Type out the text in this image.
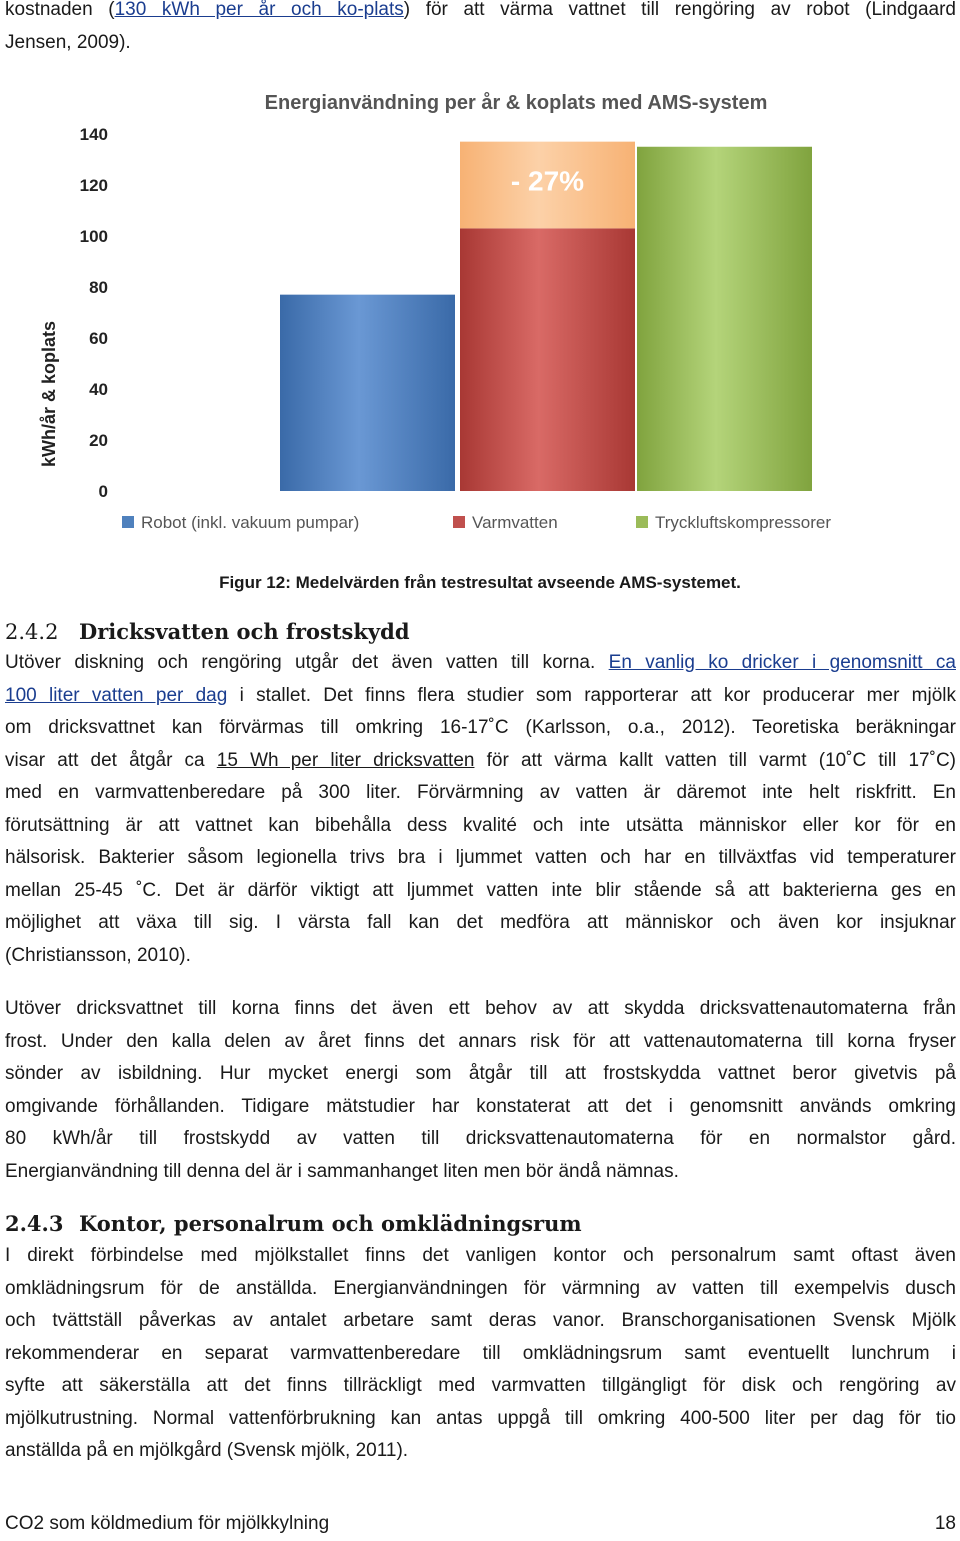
kostnaden (130 kWh per år och ko-plats) för att värma vattnet till rengöring av robot (Lindgaard
Jensen, 2009).
Energianvändning per år & koplats med AMS-system
kWh/år & koplats
0
20
40
60
80
100
120
140
- 27%
Robot (inkl. vakuum pumpar)	Varmvatten	Tryckluftskompressorer
Figur 12: Medelvärden från testresultat avseende AMS-systemet.
2.4.2 Dricksvatten och frostskydd
Utöver diskning och rengöring utgår det även vatten till korna. En vanlig ko dricker i genomsnitt ca
100 liter vatten per dag i stallet. Det finns flera studier som rapporterar att kor producerar mer mjölk
om dricksvattnet kan förvärmas till omkring 16-17˚C (Karlsson, o.a., 2012). Teoretiska beräkningar
visar att det åtgår ca 15 Wh per liter dricksvatten för att värma kallt vatten till varmt (10˚C till 17˚C)
med en varmvattenberedare på 300 liter. Förvärmning av vatten är däremot inte helt riskfritt. En
förutsättning är att vattnet kan bibehålla dess kvalité och inte utsätta människor eller kor för en
hälsorisk. Bakterier såsom legionella trivs bra i ljummet vatten och har en tillväxtfas vid temperaturer
mellan 25-45 ˚C. Det är därför viktigt att ljummet vatten inte blir stående så att bakterierna ges en
möjlighet att växa till sig. I värsta fall kan det medföra att människor och även kor insjuknar
(Christiansson, 2010).
Utöver dricksvattnet till korna finns det även ett behov av att skydda dricksvattenautomaterna från
frost. Under den kalla delen av året finns det annars risk för att vattenautomaterna till korna fryser
sönder av isbildning. Hur mycket energi som åtgår till att frostskydda vattnet beror givetvis på
omgivande förhållanden. Tidigare mätstudier har konstaterat att det i genomsnitt används omkring
80 kWh/år till frostskydd av vatten till dricksvattenautomaterna för en normalstor gård.
Energianvändning till denna del är i sammanhanget liten men bör ändå nämnas.
2.4.3 Kontor, personalrum och omklädningsrum
I direkt förbindelse med mjölkstallet finns det vanligen kontor och personalrum samt oftast även
omklädningsrum för de anställda. Energianvändningen för värmning av vatten till exempelvis dusch
och tvättställ påverkas av antalet arbetare samt deras vanor. Branschorganisationen Svensk Mjölk
rekommenderar en separat varmvattenberedare till omklädningsrum samt eventuellt lunchrum i
syfte att säkerställa att det finns tillräckligt med varmvatten tillgängligt för disk och rengöring av
mjölkutrustning. Normal vattenförbrukning kan antas uppgå till omkring 400-500 liter per dag för tio
anställda på en mjölkgård (Svensk mjölk, 2011).
CO2 som köldmedium för mjölkkylning	18
